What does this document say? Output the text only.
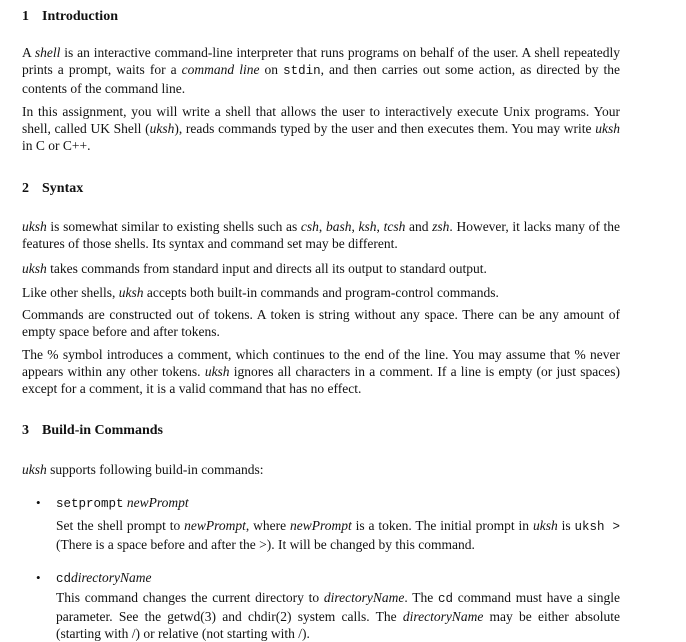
1 Introduction

A shell is an interactive command-line interpreter that runs programs on behalf of the user. A shell repeatedly prints a prompt, waits for a command line on stdin, and then carries out some action, as directed by the contents of the command line.

In this assignment, you will write a shell that allows the user to interactively execute Unix programs. Your shell, called UK Shell (uksh), reads commands typed by the user and then executes them. You may write uksh in C or C++.

2 Syntax

uksh is somewhat similar to existing shells such as csh, bash, ksh, tcsh and zsh. However, it lacks many of the features of those shells. Its syntax and command set may be different.

uksh takes commands from standard input and directs all its output to standard output.

Like other shells, uksh accepts both built-in commands and program-control commands.

Commands are constructed out of tokens. A token is string without any space. There can be any amount of empty space before and after tokens.

The % symbol introduces a comment, which continues to the end of the line. You may assume that % never appears within any other tokens. uksh ignores all characters in a comment. If a line is empty (or just spaces) except for a comment, it is a valid command that has no effect.

3 Build-in Commands

uksh supports following build-in commands:

• setprompt newPrompt

Set the shell prompt to newPrompt, where newPrompt is a token. The initial prompt in uksh is uksh > (There is a space before and after the >). It will be changed by this command.

• cddirectoryName

This command changes the current directory to directoryName. The cd command must have a single parameter. See the getwd(3) and chdir(2) system calls. The directoryName may be either absolute (starting with /) or relative (not starting with /).
